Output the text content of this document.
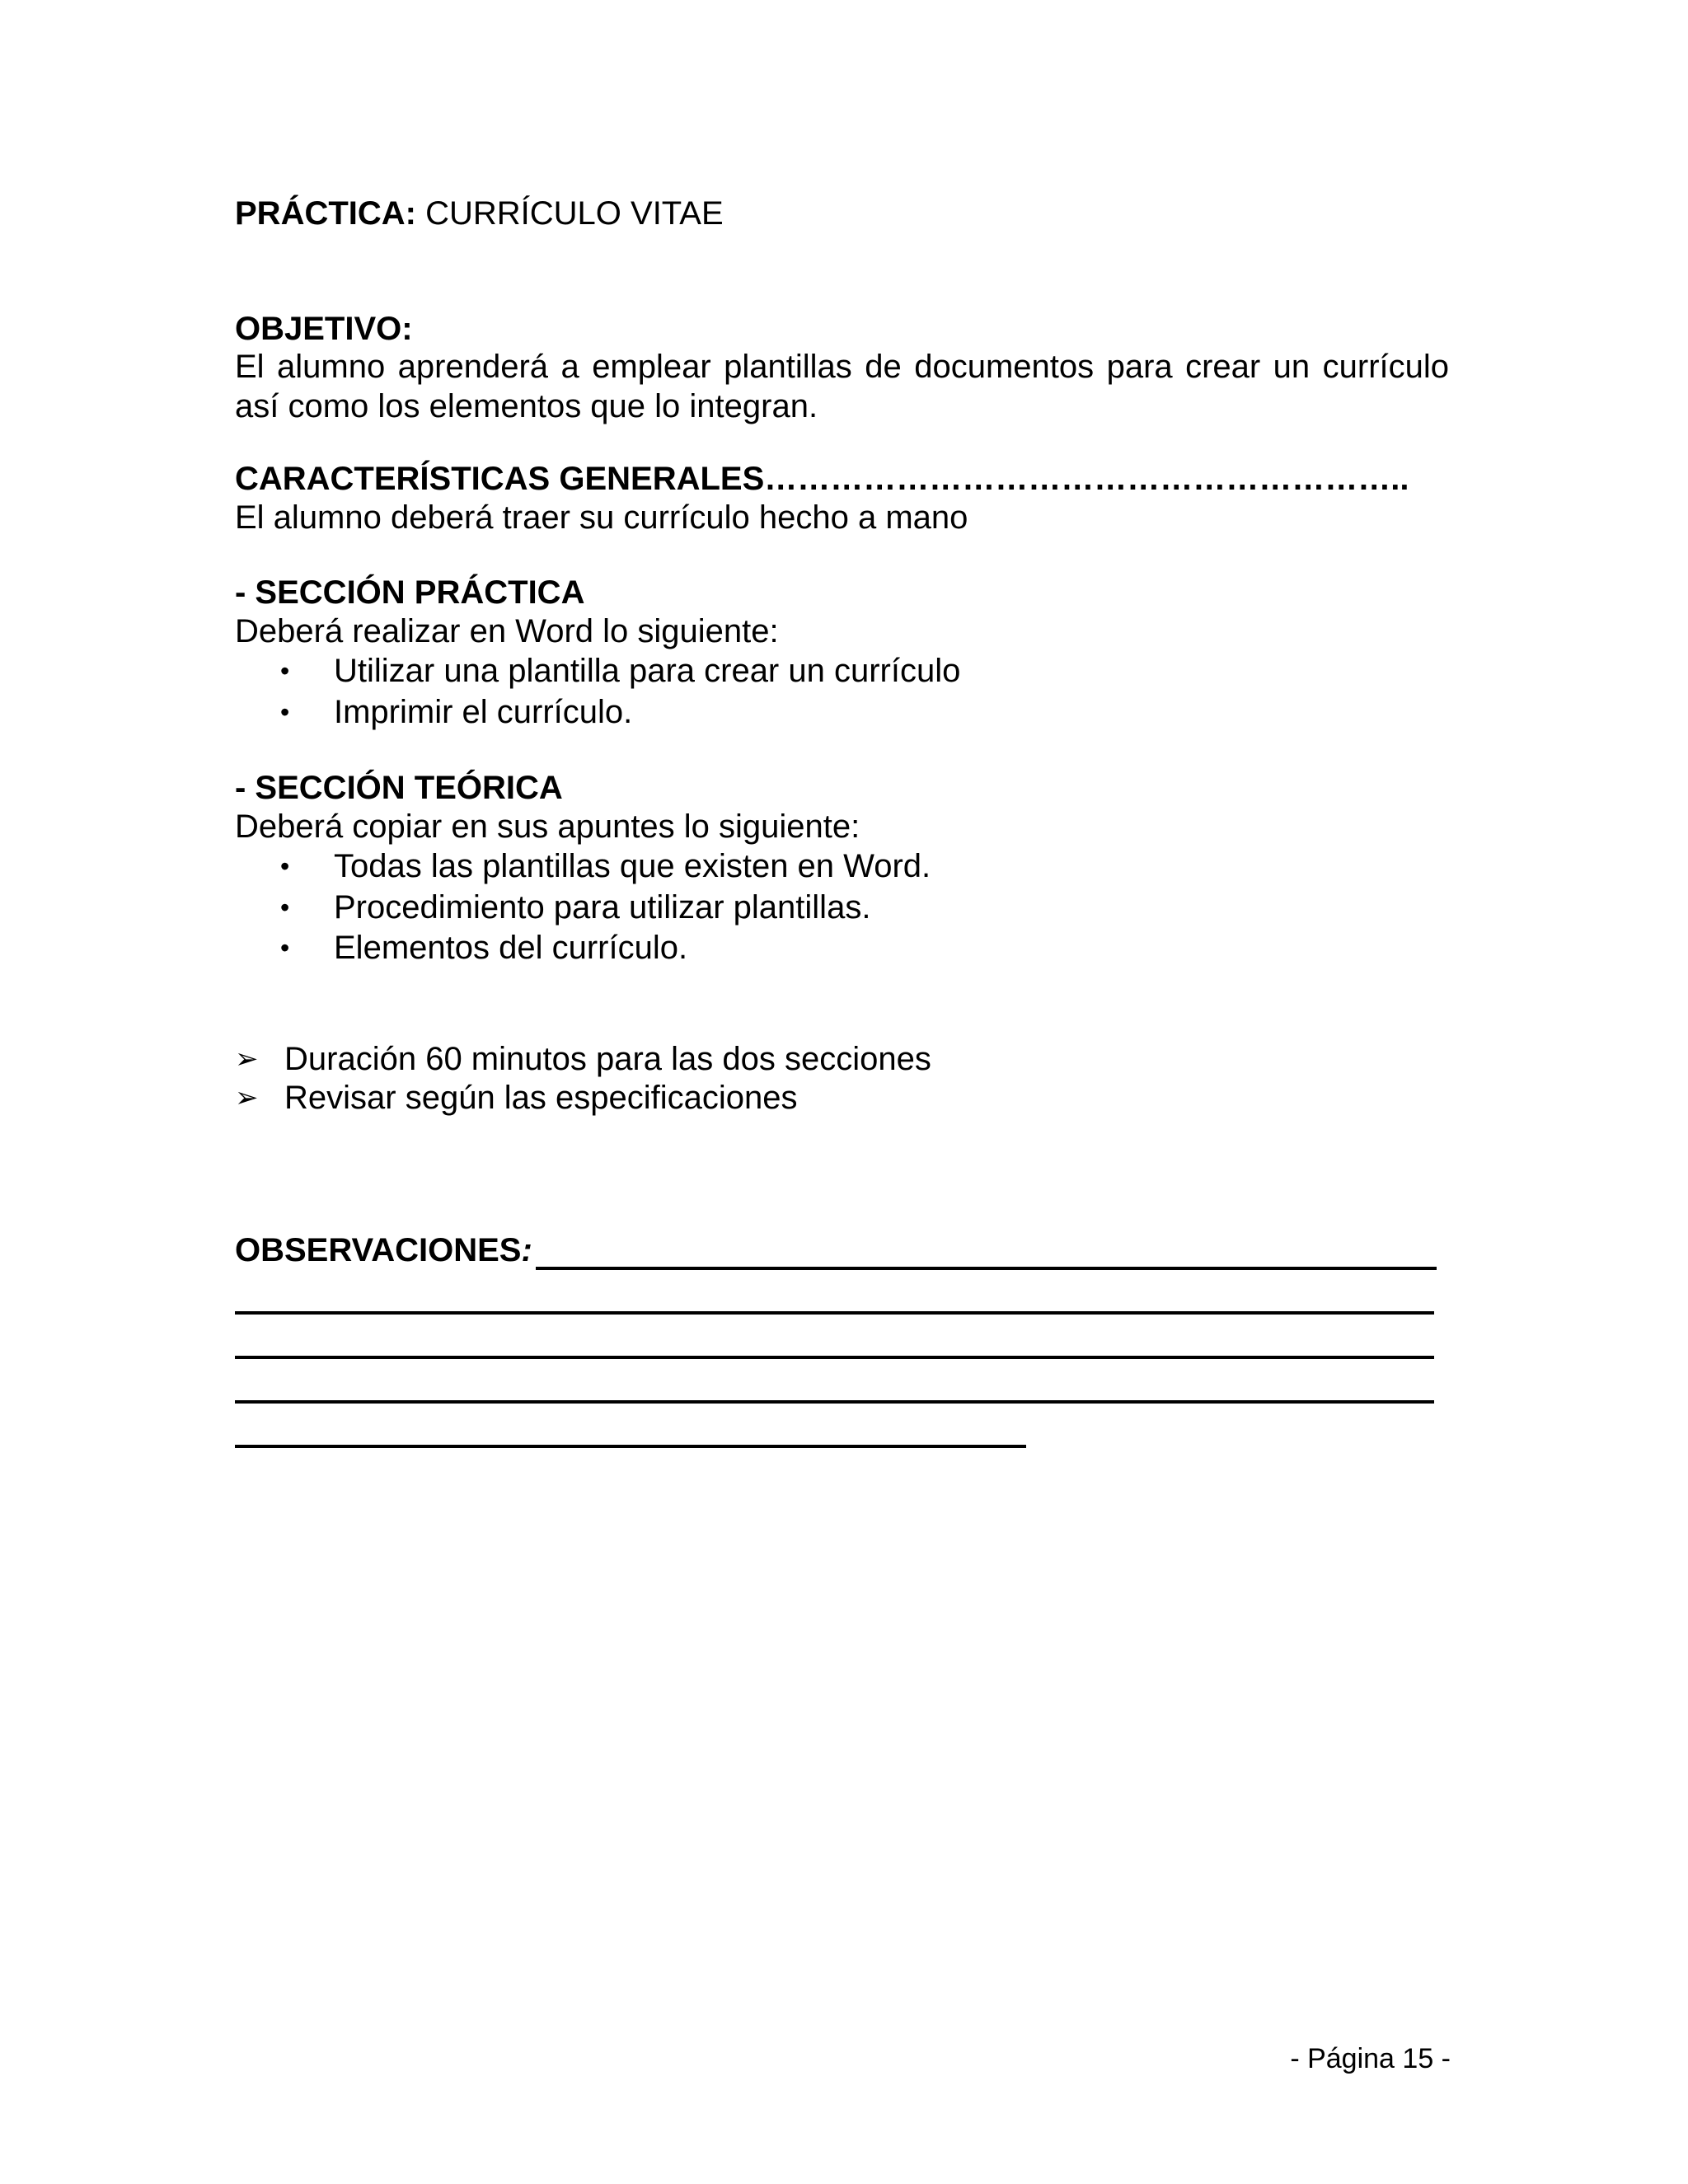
PRÁCTICA: CURRÍCULO VITAE
OBJETIVO:
El alumno aprenderá a emplear plantillas de documentos para crear un currículo así como los elementos que lo integran.
CARACTERÍSTICAS GENERALES…………………………………………………..
El alumno deberá traer su currículo hecho a mano
- SECCIÓN PRÁCTICA
Deberá realizar en Word lo siguiente:
• Utilizar una plantilla para crear un currículo
• Imprimir el currículo.
- SECCIÓN TEÓRICA
Deberá copiar en sus apuntes lo siguiente:
• Todas las plantillas que existen en Word.
• Procedimiento para utilizar plantillas.
• Elementos del currículo.
➢ Duración 60 minutos para las dos secciones
➢ Revisar según las especificaciones
OBSERVACIONES:
- Página 15 -
